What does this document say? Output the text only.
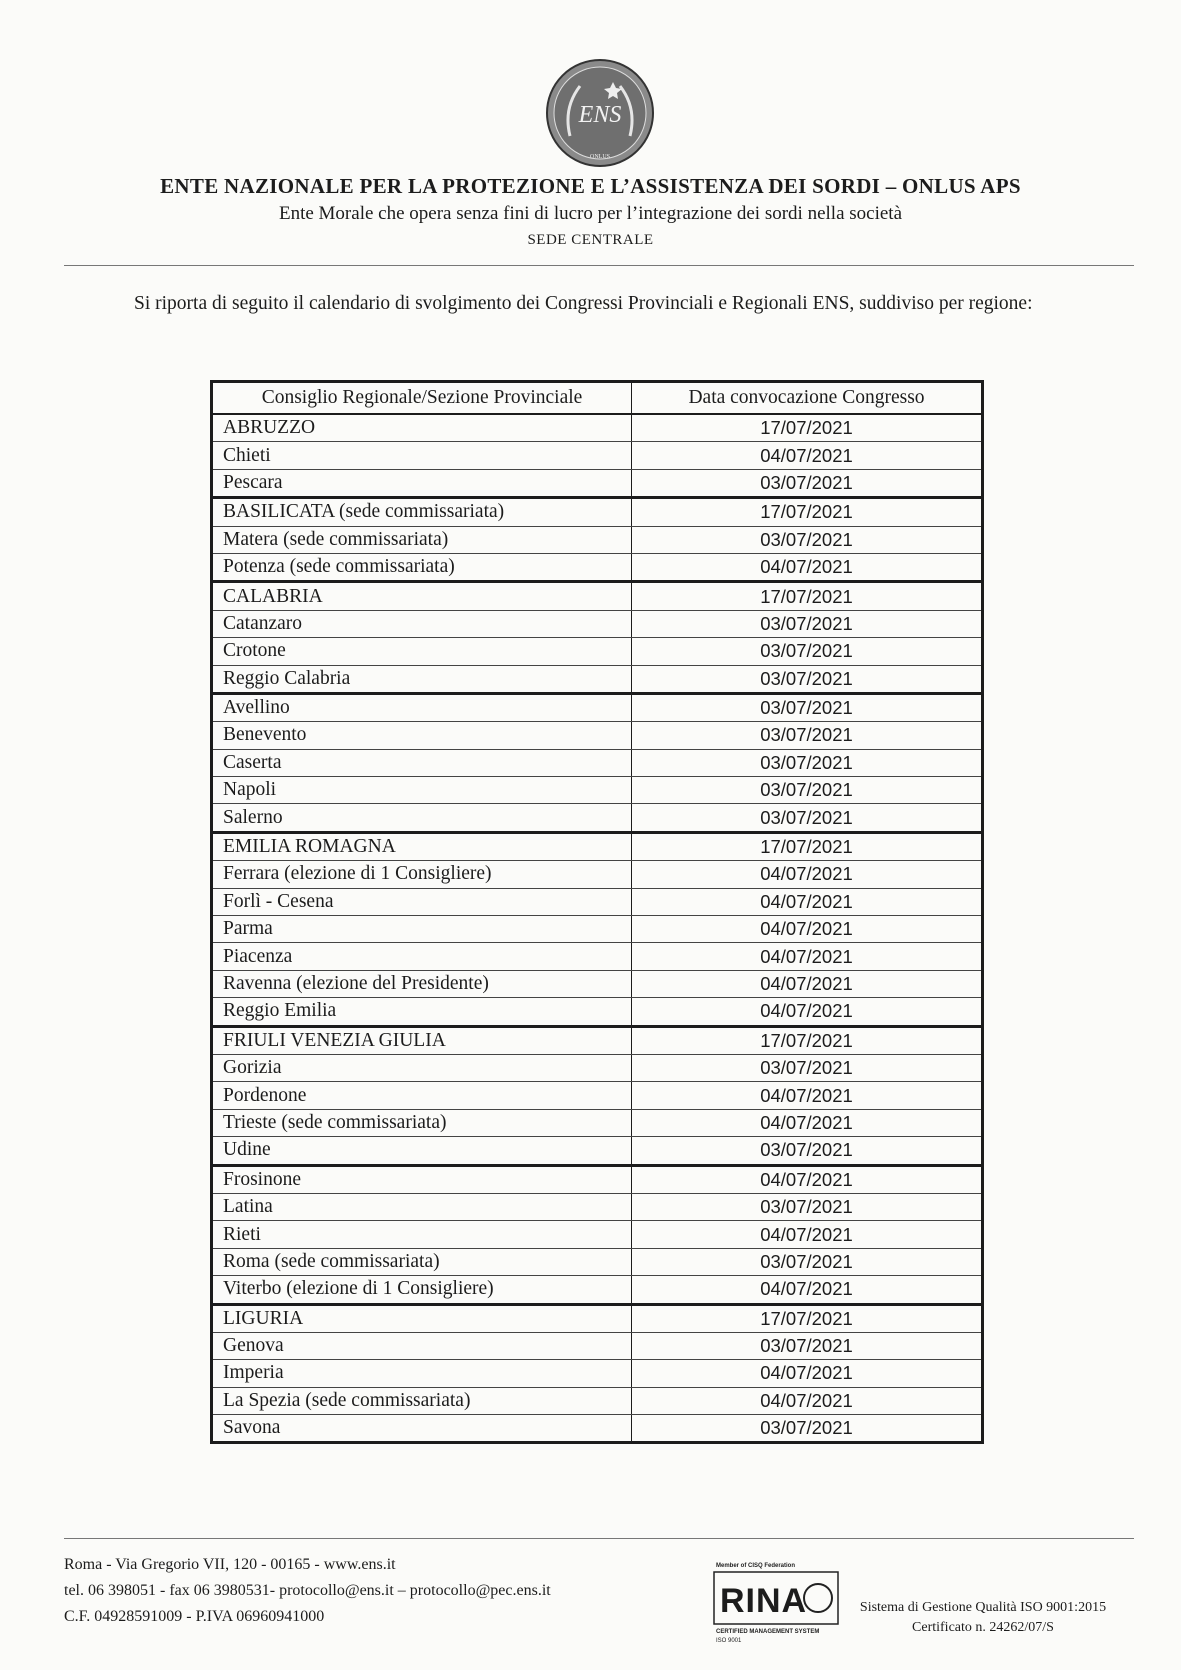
ENS
ONLUS
ENTE NAZIONALE PER LA PROTEZIONE E L’ASSISTENZA DEI SORDI – ONLUS APS
Ente Morale che opera senza fini di lucro per l’integrazione dei sordi nella società
SEDE CENTRALE
Si riporta di seguito il calendario di svolgimento dei Congressi Provinciali e Regionali ENS, suddiviso per regione:
Consiglio Regionale/Sezione Provinciale	Data convocazione Congresso
ABRUZZO	17/07/2021
Chieti	04/07/2021
Pescara	03/07/2021
BASILICATA (sede commissariata)	17/07/2021
Matera (sede commissariata)	03/07/2021
Potenza (sede commissariata)	04/07/2021
CALABRIA	17/07/2021
Catanzaro	03/07/2021
Crotone	03/07/2021
Reggio Calabria	03/07/2021
Avellino	03/07/2021
Benevento	03/07/2021
Caserta	03/07/2021
Napoli	03/07/2021
Salerno	03/07/2021
EMILIA ROMAGNA	17/07/2021
Ferrara (elezione di 1 Consigliere)	04/07/2021
Forlì - Cesena	04/07/2021
Parma	04/07/2021
Piacenza	04/07/2021
Ravenna (elezione del Presidente)	04/07/2021
Reggio Emilia	04/07/2021
FRIULI VENEZIA GIULIA	17/07/2021
Gorizia	03/07/2021
Pordenone	04/07/2021
Trieste (sede commissariata)	04/07/2021
Udine	03/07/2021
Frosinone	04/07/2021
Latina	03/07/2021
Rieti	04/07/2021
Roma (sede commissariata)	03/07/2021
Viterbo (elezione di 1 Consigliere)	04/07/2021
LIGURIA	17/07/2021
Genova	03/07/2021
Imperia	04/07/2021
La Spezia (sede commissariata)	04/07/2021
Savona	03/07/2021
Roma - Via Gregorio VII, 120 - 00165 - www.ens.it
tel. 06 398051 - fax 06 3980531- protocollo@ens.it – protocollo@pec.ens.it
C.F. 04928591009 - P.IVA 06960941000
Member of CISQ Federation
RINA
CERTIFIED MANAGEMENT SYSTEM
ISO 9001
Sistema di Gestione Qualità ISO 9001:2015
Certificato n. 24262/07/S
